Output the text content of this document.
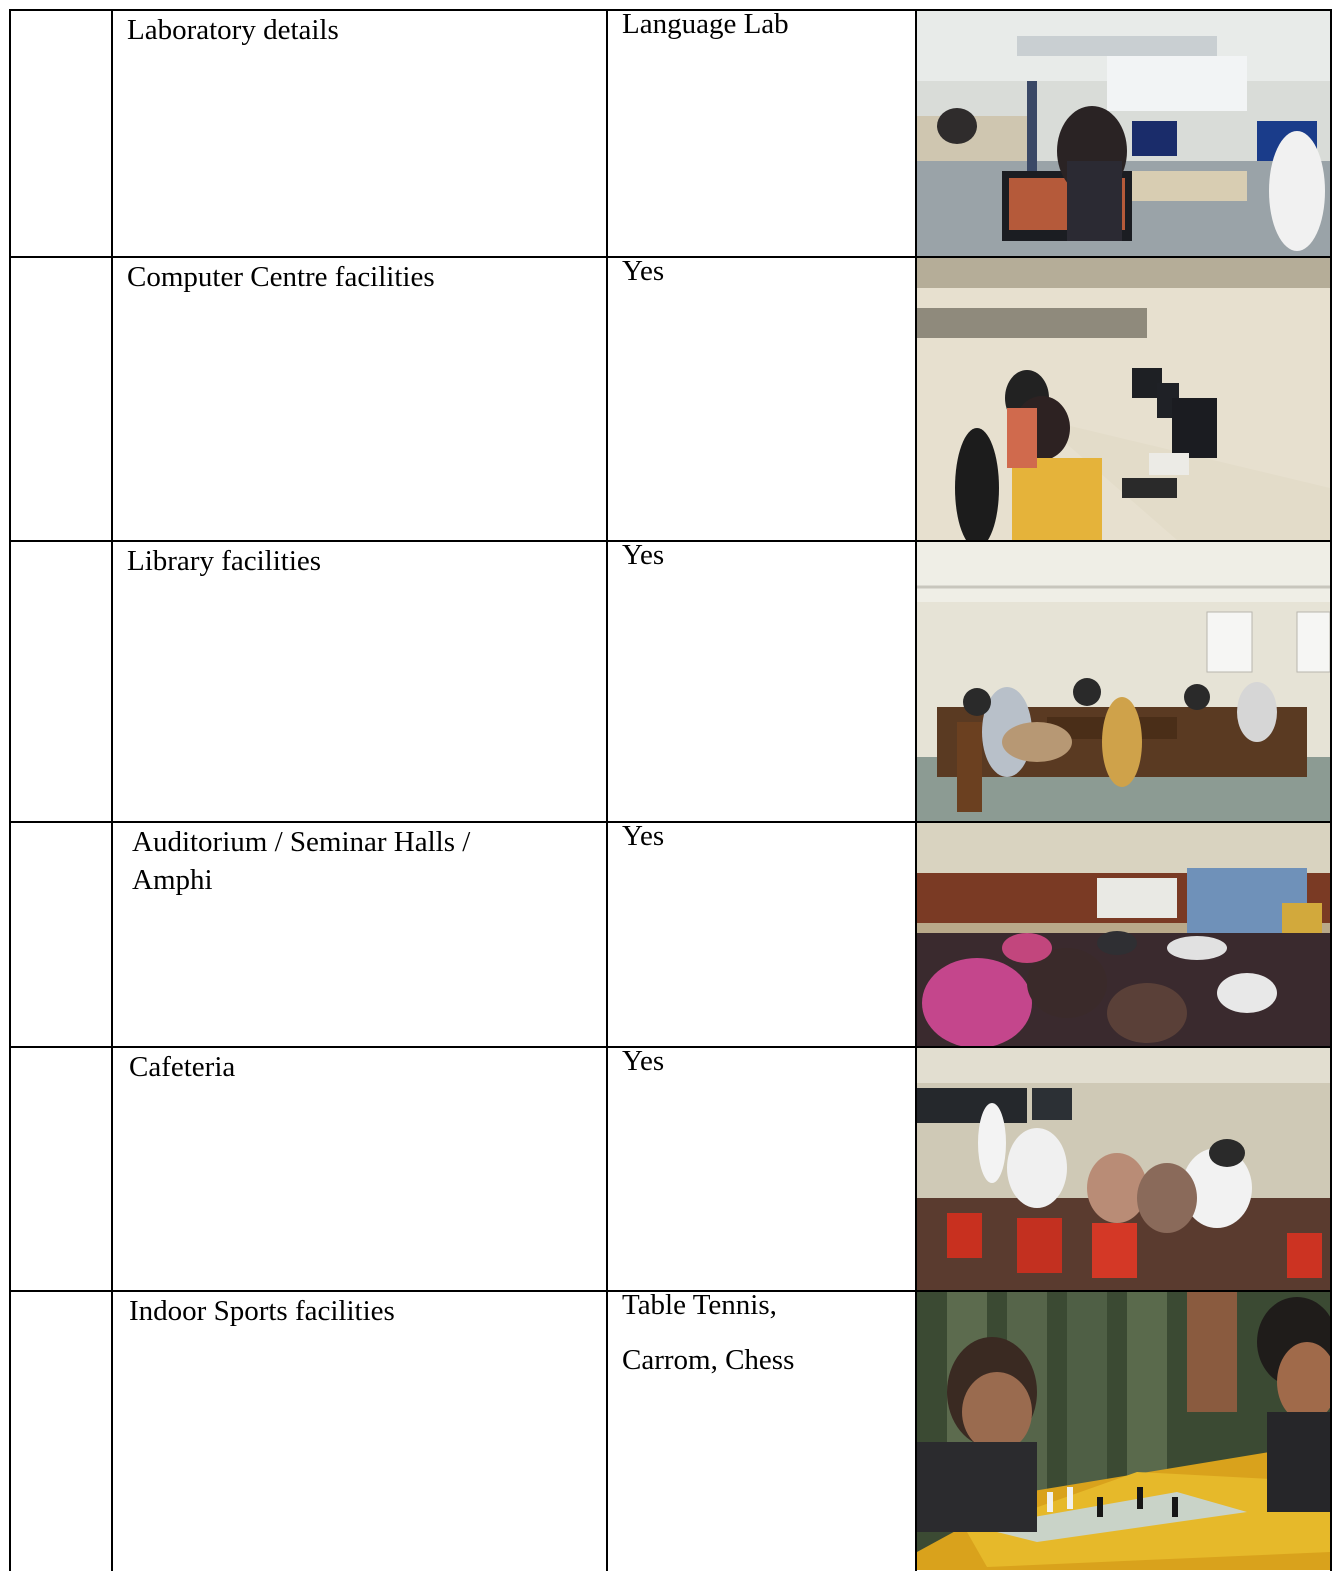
	Laboratory details	Language Lab

	Computer Centre facilities	Yes

	Library facilities	Yes

	Auditorium / Seminar Halls / Amphi	Yes

	Cafeteria	Yes

	Indoor Sports facilities	Table Tennis,
Carrom, Chess
